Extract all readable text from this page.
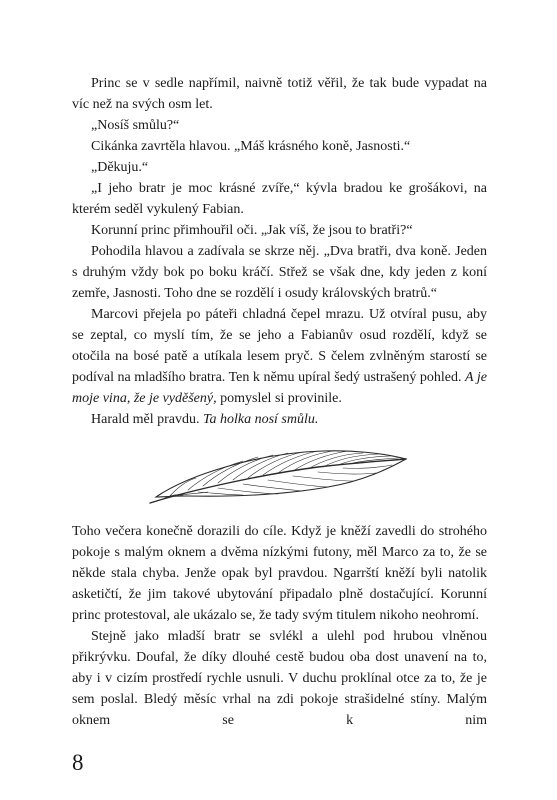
Princ se v sedle napřímil, naivně totiž věřil, že tak bude vypadat na víc než na svých osm let.

„Nosíš smůlu?“

Cikánka zavrtěla hlavou. „Máš krásného koně, Jasnosti.“

„Děkuju.“

„I jeho bratr je moc krásné zvíře,“ kývla bradou ke grošákovi, na kterém seděl vykulený Fabian.

Korunní princ přimhouřil oči. „Jak víš, že jsou to bratři?“

Pohodila hlavou a zadívala se skrze něj. „Dva bratři, dva koně. Jeden s druhým vždy bok po boku kráčí. Střež se však dne, kdy jeden z koní zemře, Jasnosti. Toho dne se rozdělí i osudy královských bratrů.“

Marcovi přejela po páteři chladná čepel mrazu. Už otvíral pusu, aby se zeptal, co myslí tím, že se jeho a Fabianův osud rozdělí, když se otočila na bosé patě a utíkala lesem pryč. S čelem zvlněným starostí se podíval na mladšího bratra. Ten k němu upíral šedý ustrašený pohled. A je moje vina, že je vyděšený, pomyslel si provinile.

Harald měl pravdu. Ta holka nosí smůlu.

Toho večera konečně dorazili do cíle. Když je kněží zavedli do strohého pokoje s malým oknem a dvěma nízkými futony, měl Marco za to, že se někde stala chyba. Jenže opak byl pravdou. Ngarrští kněží byli natolik asketičtí, že jim takové ubytování připadalo plně dostačující. Korunní princ protestoval, ale ukázalo se, že tady svým titulem nikoho neohromí.

Stejně jako mladší bratr se svlékl a ulehl pod hrubou vlněnou přikrývku. Doufal, že díky dlouhé cestě budou oba dost unavení na to, aby i v cizím prostředí rychle usnuli. V duchu proklínal otce za to, že je sem poslal. Bledý měsíc vrhal na zdi pokoje strašidelné stíny. Malým oknem se k nim

8
